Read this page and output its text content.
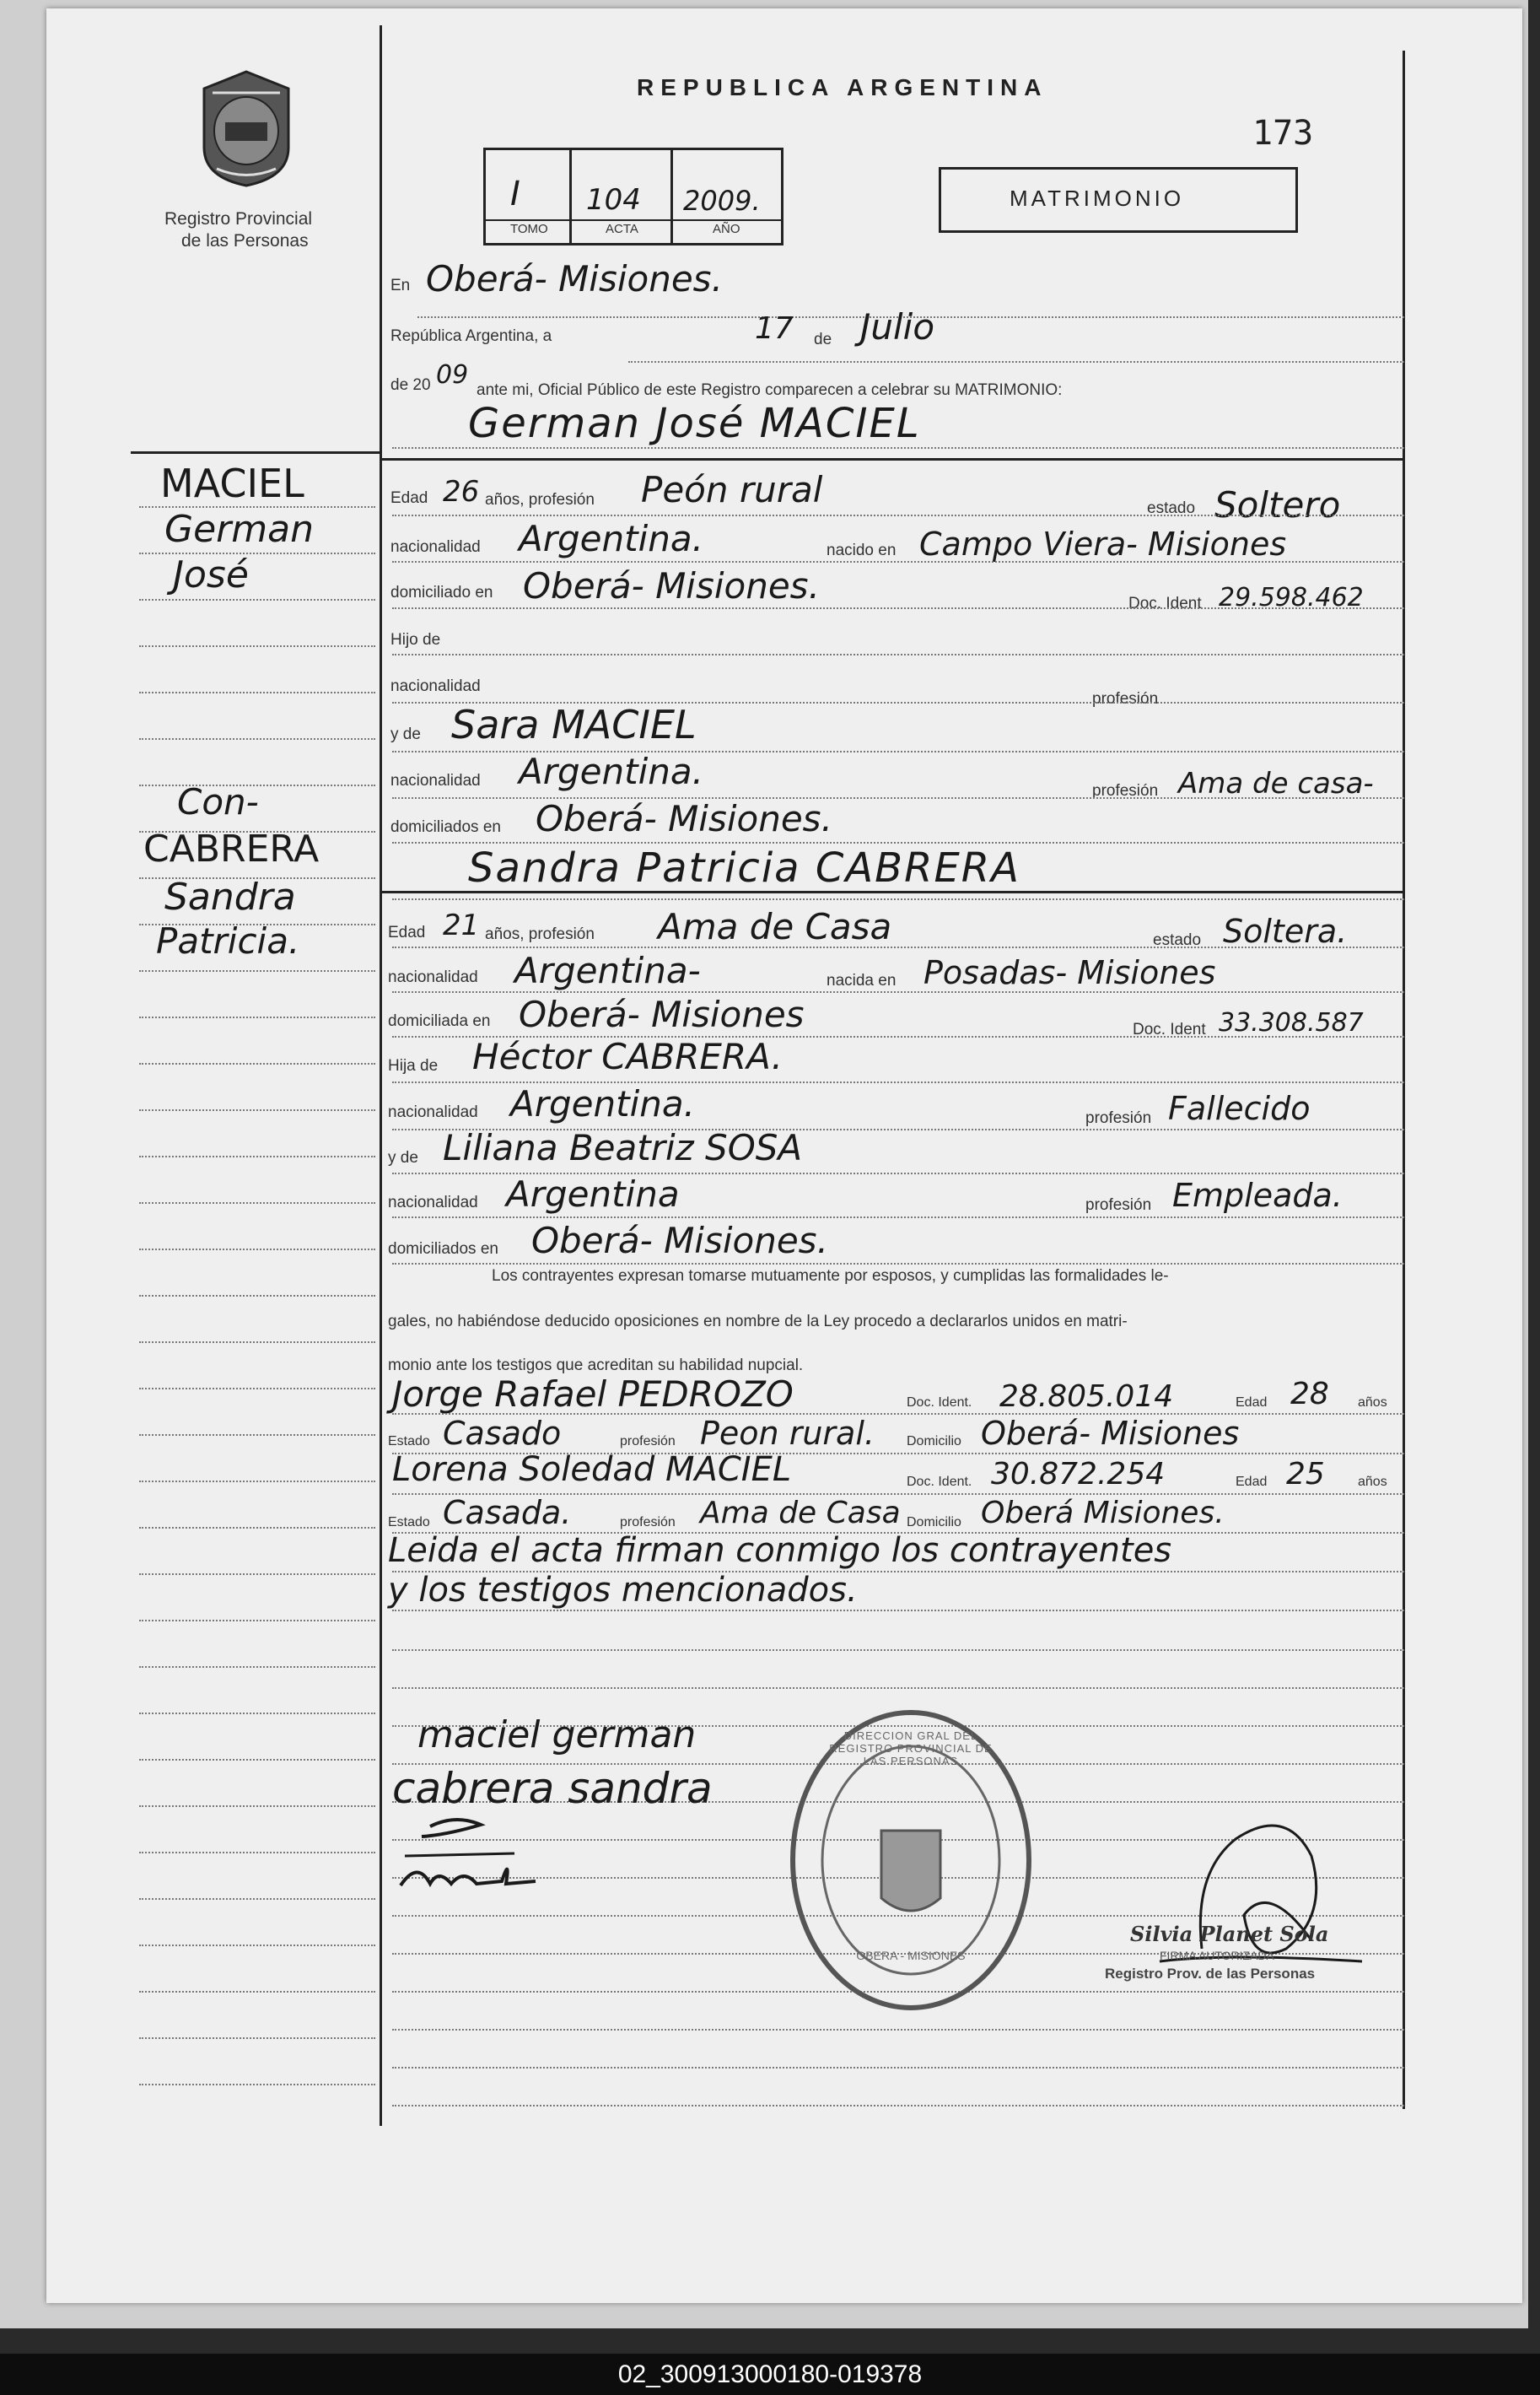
Registro Provincial
de las Personas
REPUBLICA ARGENTINA
173
I 104 2009.
TOMO	ACTA	AÑO
MATRIMONIO
En Oberá- Misiones.
República Argentina, a	17 de Julio
de 20 09
ante mi, Oficial Público de este Registro comparecen a celebrar su MATRIMONIO:
German José MACIEL
Edad 26 años, profesión Peón rural	estado Soltero
nacionalidad Argentina.	nacido en Campo Viera- Misiones
domiciliado en Oberá- Misiones.	Doc. Ident 29.598.462
Hijo de
nacionalidad
profesión
y de Sara MACIEL
nacionalidad Argentina.	profesión Ama de casa-
domiciliados en Oberá- Misiones.
Sandra Patricia CABRERA
Edad 21 años, profesión Ama de Casa	estado Soltera.
nacionalidad Argentina-	nacida en Posadas- Misiones
domiciliada en Oberá- Misiones	Doc. Ident 33.308.587
Hija de Héctor CABRERA.
nacionalidad Argentina.	profesión Fallecido
y de Liliana Beatriz SOSA
nacionalidad Argentina	profesión Empleada.
domiciliados en Oberá- Misiones.
Los contrayentes expresan tomarse mutuamente por esposos, y cumplidas las formalidades le-
gales, no habiéndose deducido oposiciones en nombre de la Ley procedo a declararlos unidos en matri-
monio ante los testigos que acreditan su habilidad nupcial.
Jorge Rafael PEDROZO	Doc. Ident. 28.805.014	Edad 28 años
Estado Casado	profesión Peon rural. Domicilio Oberá- Misiones
Lorena Soledad MACIEL	Doc. Ident. 30.872.254	Edad 25 años
Estado Casada.	profesión Ama de Casa Domicilio Oberá Misiones.
Leida el acta firman conmigo los contrayentes
y los testigos mencionados.
maciel german
cabrera sandra
DIRECCION GRAL DEL REGISTRO PROVINCIAL DE LAS PERSONAS
OBERA - MISIONES
Silvia Planet Sola
FIRMA AUTORIZADA
Registro Prov. de las Personas
MACIEL
German
José
Con-
CABRERA
Sandra
Patricia.
02_300913000180-019378
